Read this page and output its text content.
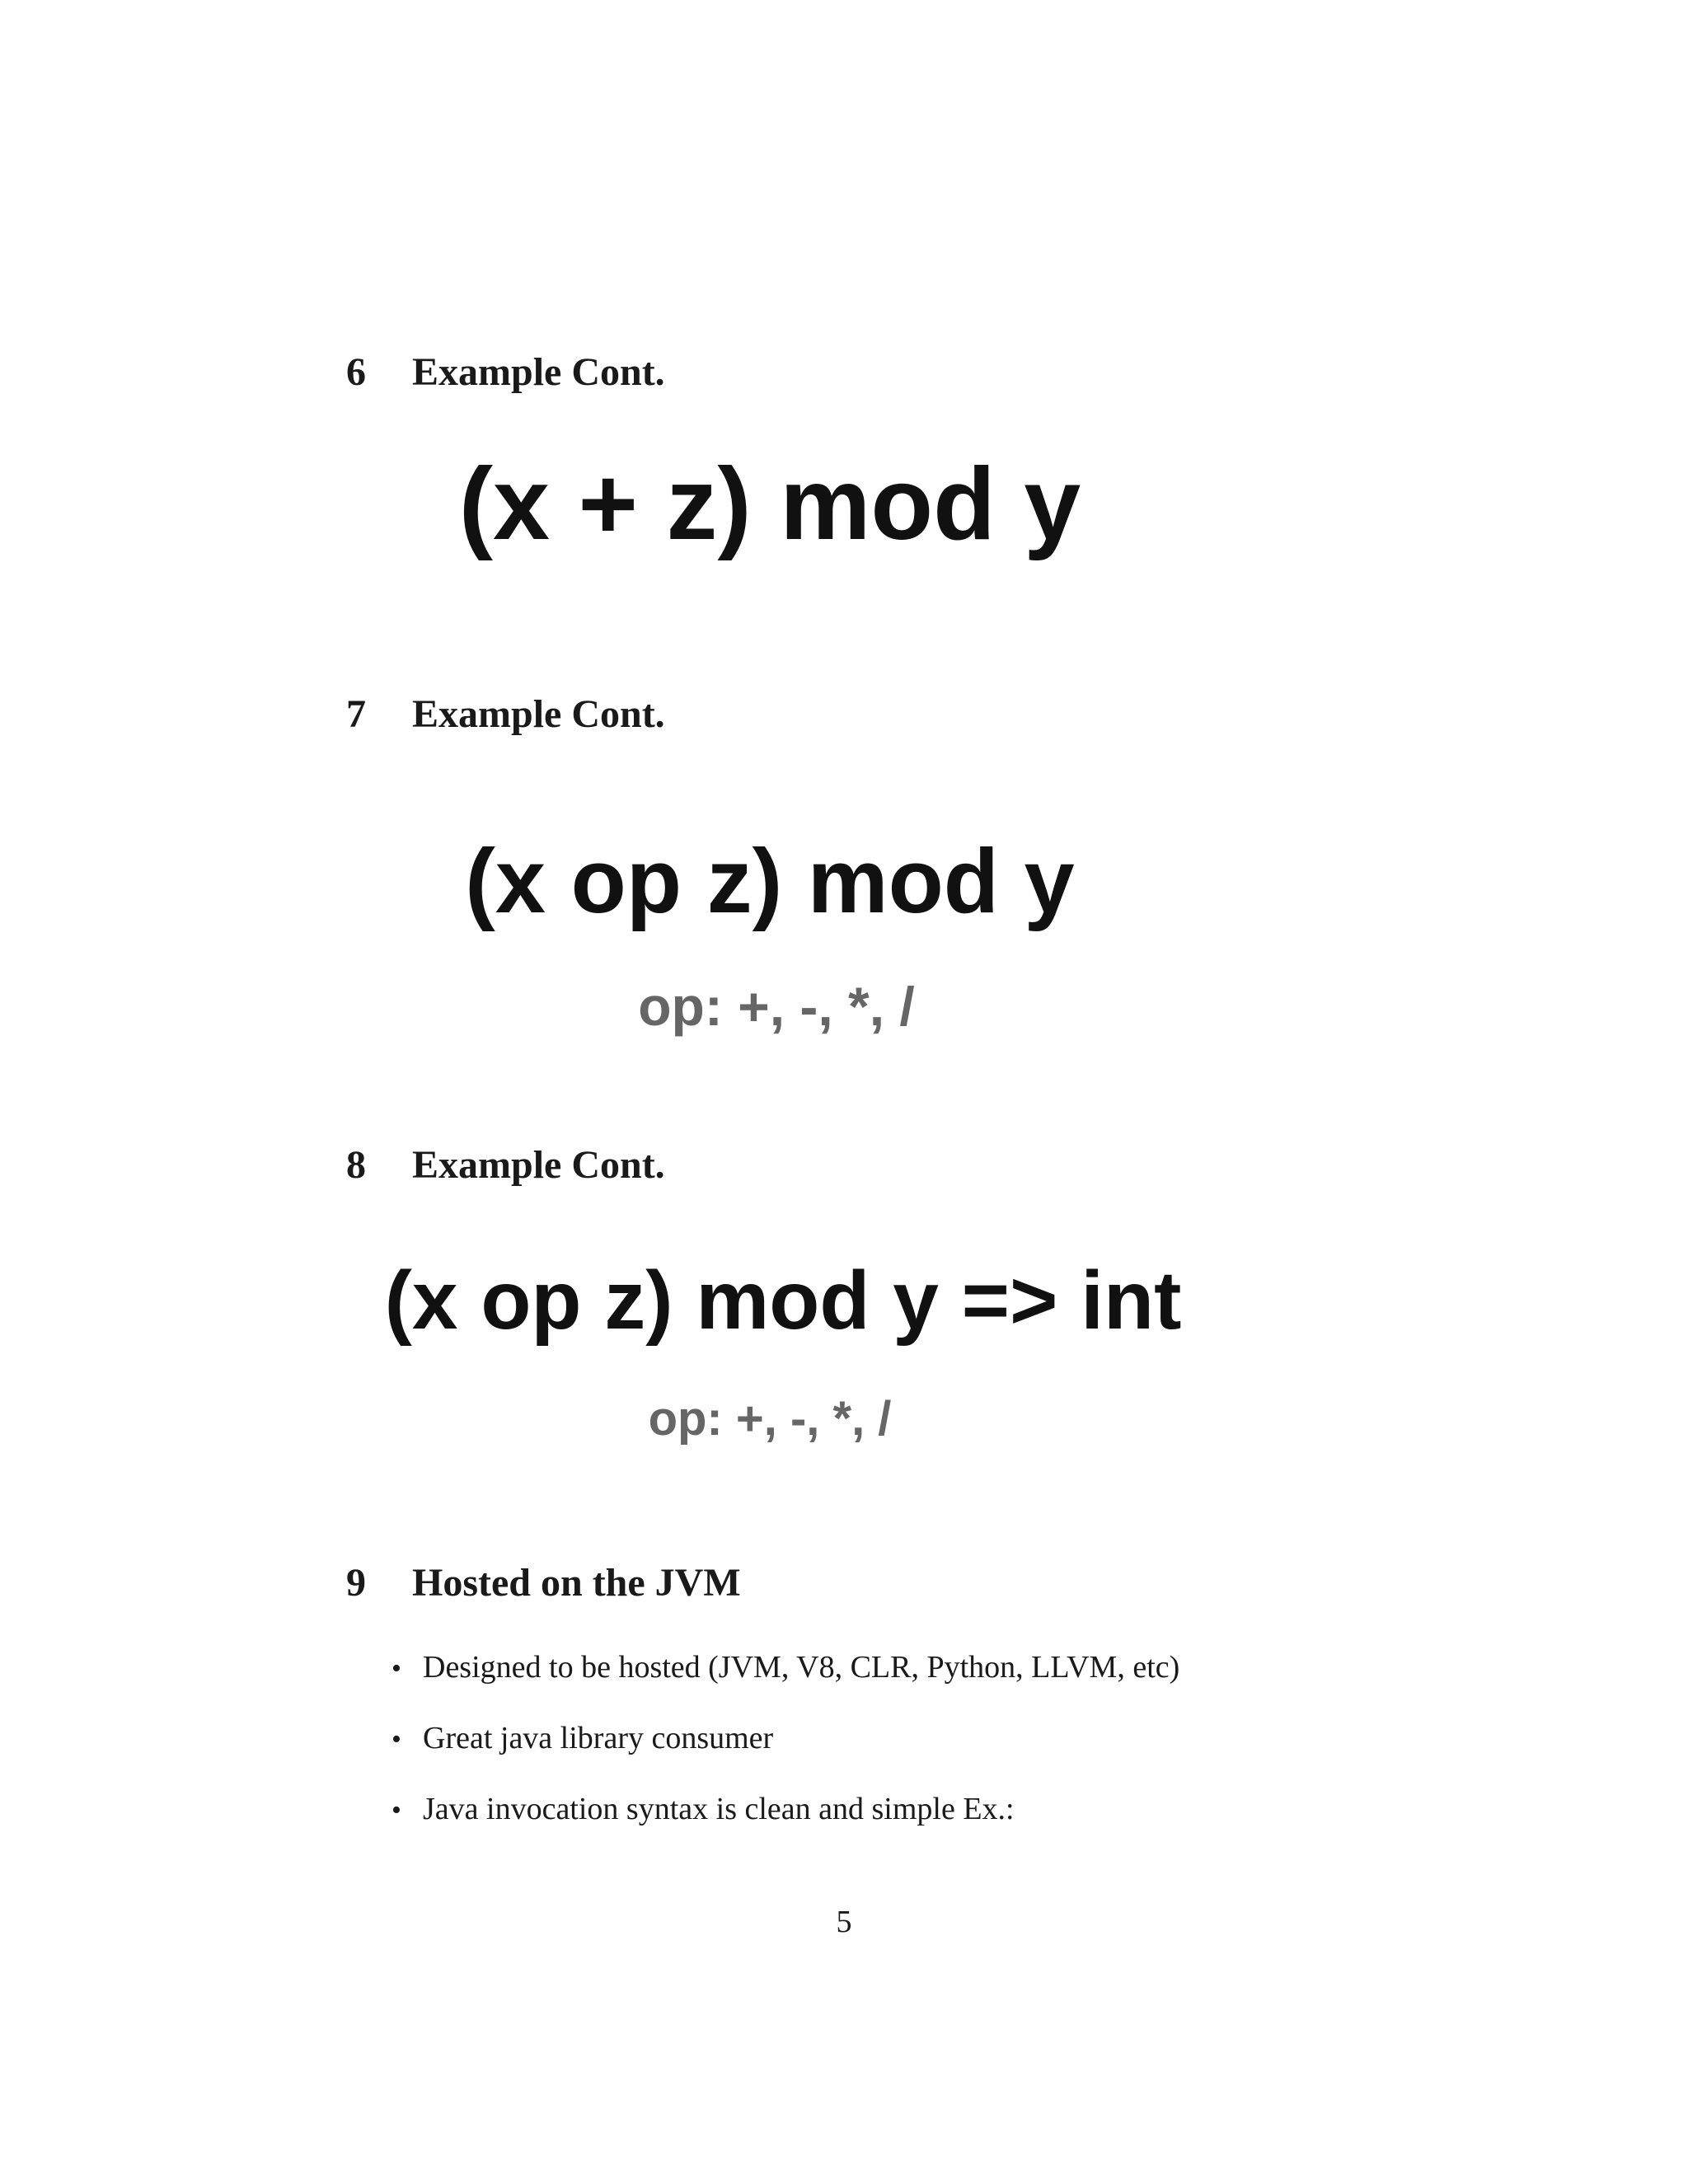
6 Example Cont.
(x + z) mod y
7 Example Cont.
(x op z) mod y
op: +, -, *, /
8 Example Cont.
(x op z) mod y => int
op: +, -, *, /
9 Hosted on the JVM
• Designed to be hosted (JVM, V8, CLR, Python, LLVM, etc)
• Great java library consumer
• Java invocation syntax is clean and simple Ex.:
5
